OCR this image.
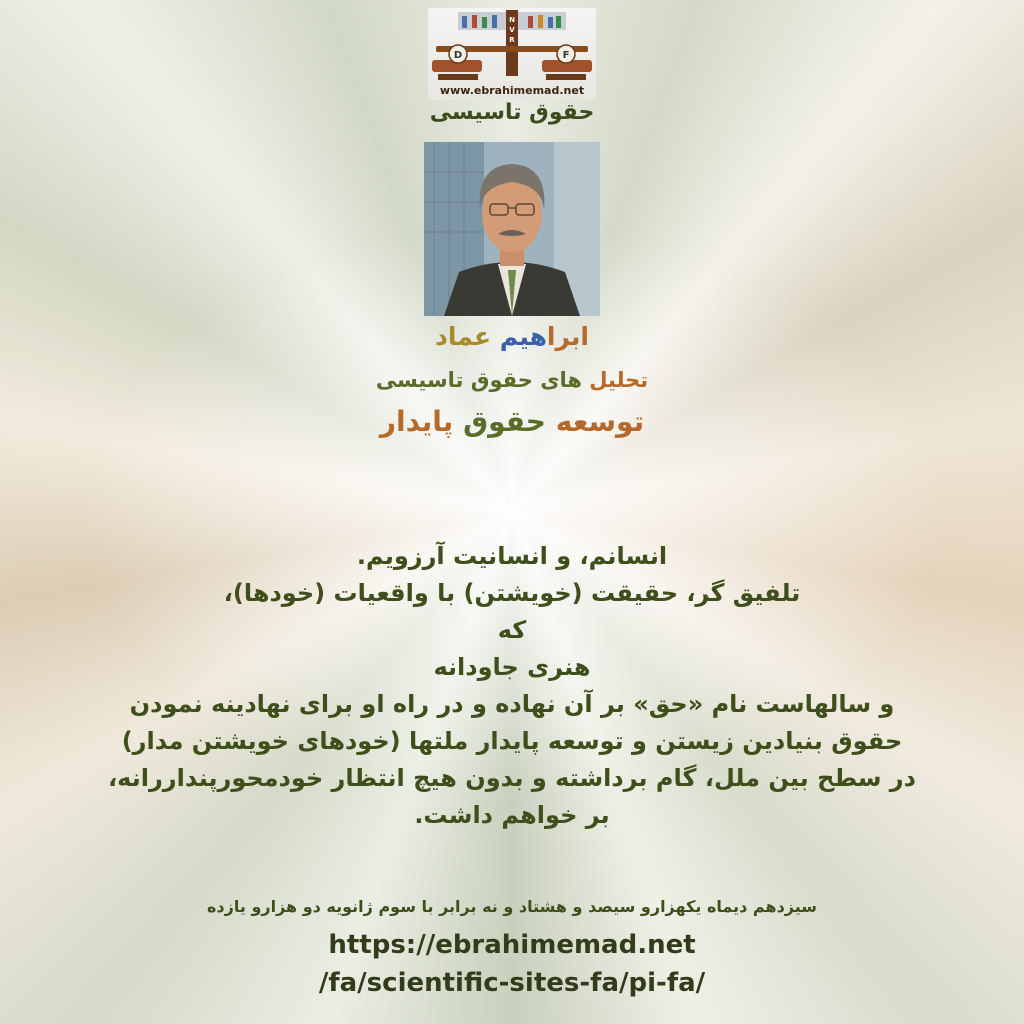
N
V
R
D	F
www.ebrahimemad.net
حقوق تاسیسی
ابراهیم عماد
تحلیل های حقوق تاسیسی
توسعه حقوق پایدار
انسانم، و انسانیت آرزویم.
تلفیق گر، حقیقت (خویشتن) با واقعیات (خودها)،
که
هنری جاودانه
و سالهاست نام «حق» بر آن نهاده و در راه او برای نهادینه نمودن
حقوق بنیادین زیستن و توسعه پایدار ملتها (خودهای خویشتن مدار)
در سطح بین ملل، گام برداشته و بدون هیچ انتظار خودمحورپنداررانه،
بر خواهم داشت.
سیزدهم دیماه یکهزارو سیصد و هشتاد و نه برابر با سوم ژانویه دو هزارو یازده
https://ebrahimemad.net
/fa/scientific-sites-fa/pi-fa/
